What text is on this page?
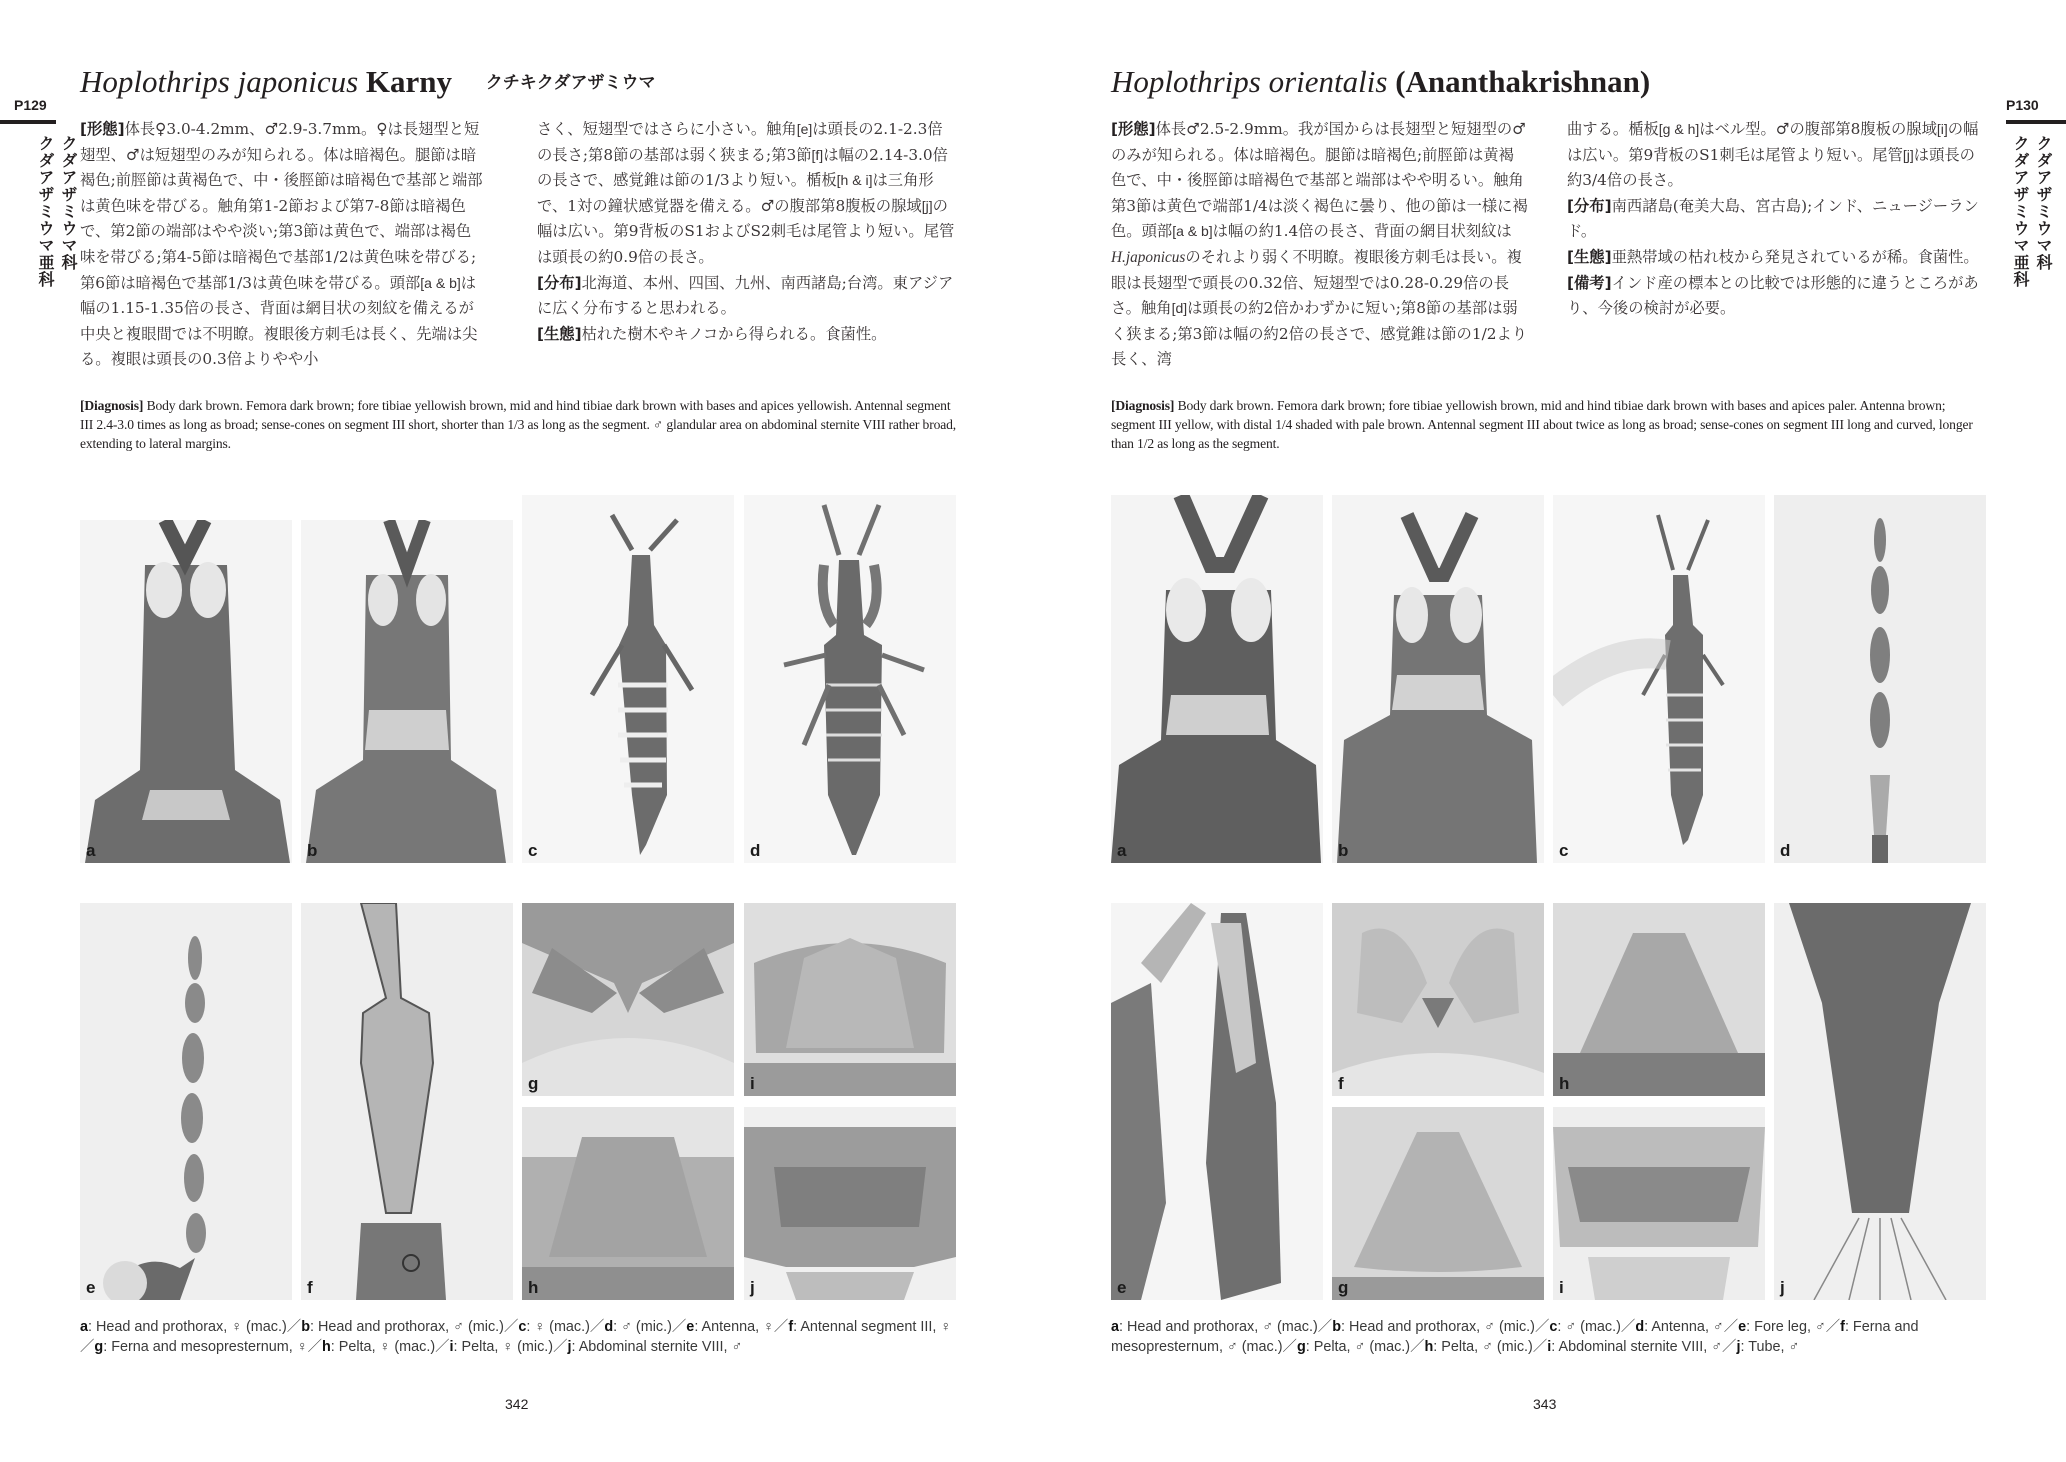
P129
クダアザミウマ科
クダアザミウマ亜科
Hoplothrips japonicus Karny クチキクダアザミウマ

[形態]体長♀3.0-4.2mm、♂2.9-3.7mm。♀は長翅型と短翅型、♂は短翅型のみが知られる。体は暗褐色。腿節は暗褐色;前脛節は黄褐色で、中・後脛節は暗褐色で基部と端部は黄色味を帯びる。触角第1-2節および第7-8節は暗褐色で、第2節の端部はやや淡い;第3節は黄色で、端部は褐色味を帯びる;第4-5節は暗褐色で基部1/2は黄色味を帯びる;第6節は暗褐色で基部1/3は黄色味を帯びる。頭部[a & b]は幅の1.15-1.35倍の長さ、背面は網目状の刻紋を備えるが中央と複眼間では不明瞭。複眼後方刺毛は長く、先端は尖る。複眼は頭長の0.3倍よりやや小

さく、短翅型ではさらに小さい。触角[e]は頭長の2.1-2.3倍の長さ;第8節の基部は弱く狭まる;第3節[f]は幅の2.14-3.0倍の長さで、感覚錐は節の1/3より短い。楯板[h & i]は三角形で、1対の鐘状感覚器を備える。♂の腹部第8腹板の腺域[j]の幅は広い。第9背板のS1およびS2刺毛は尾管より短い。尾管は頭長の約0.9倍の長さ。

[分布]北海道、本州、四国、九州、南西諸島;台湾。東アジアに広く分布すると思われる。

[生態]枯れた樹木やキノコから得られる。食菌性。

[Diagnosis] Body dark brown. Femora dark brown; fore tibiae yellowish brown, mid and hind tibiae dark brown with bases and apices yellowish. Antennal segment III 2.4-3.0 times as long as broad; sense-cones on segment III short, shorter than 1/3 as long as the segment. ♂ glandular area on abdominal sternite VIII rather broad, extending to lateral margins.
a	b	c	d
e	f
g	i
h	j
a: Head and prothorax, ♀ (mac.)／b: Head and prothorax, ♂ (mic.)／c: ♀ (mac.)／d: ♂ (mic.)／e: Antenna, ♀／f: Antennal segment III, ♀／g: Ferna and mesopresternum, ♀／h: Pelta, ♀ (mac.)／i: Pelta, ♀ (mic.)／j: Abdominal sternite VIII, ♂
342
P130
クダアザミウマ科
クダアザミウマ亜科
Hoplothrips orientalis (Ananthakrishnan)

[形態]体長♂2.5-2.9mm。我が国からは長翅型と短翅型の♂のみが知られる。体は暗褐色。腿節は暗褐色;前脛節は黄褐色で、中・後脛節は暗褐色で基部と端部はやや明るい。触角第3節は黄色で端部1/4は淡く褐色に曇り、他の節は一様に褐色。頭部[a & b]は幅の約1.4倍の長さ、背面の網目状刻紋はH.japonicusのそれより弱く不明瞭。複眼後方刺毛は長い。複眼は長翅型で頭長の0.32倍、短翅型では0.28-0.29倍の長さ。触角[d]は頭長の約2倍かわずかに短い;第8節の基部は弱く狭まる;第3節は幅の約2倍の長さで、感覚錐は節の1/2より長く、湾

曲する。楯板[g & h]はベル型。♂の腹部第8腹板の腺域[i]の幅は広い。第9背板のS1刺毛は尾管より短い。尾管[j]は頭長の約3/4倍の長さ。

[分布]南西諸島(奄美大島、宮古島);インド、ニュージーランド。

[生態]亜熱帯域の枯れ枝から発見されているが稀。食菌性。

[備考]インド産の標本との比較では形態的に違うところがあり、今後の検討が必要。

[Diagnosis] Body dark brown. Femora dark brown; fore tibiae yellowish brown, mid and hind tibiae dark brown with bases and apices paler. Antenna brown; segment III yellow, with distal 1/4 shaded with pale brown. Antennal segment III about twice as long as broad; sense-cones on segment III long and curved, longer than 1/2 as long as the segment.
a	b	c	d
e
f	h
g	i	j
a: Head and prothorax, ♂ (mac.)／b: Head and prothorax, ♂ (mic.)／c: ♂ (mac.)／d: Antenna, ♂／e: Fore leg, ♂／f: Ferna and mesopresternum, ♂ (mac.)／g: Pelta, ♂ (mac.)／h: Pelta, ♂ (mic.)／i: Abdominal sternite VIII, ♂／j: Tube, ♂
343
